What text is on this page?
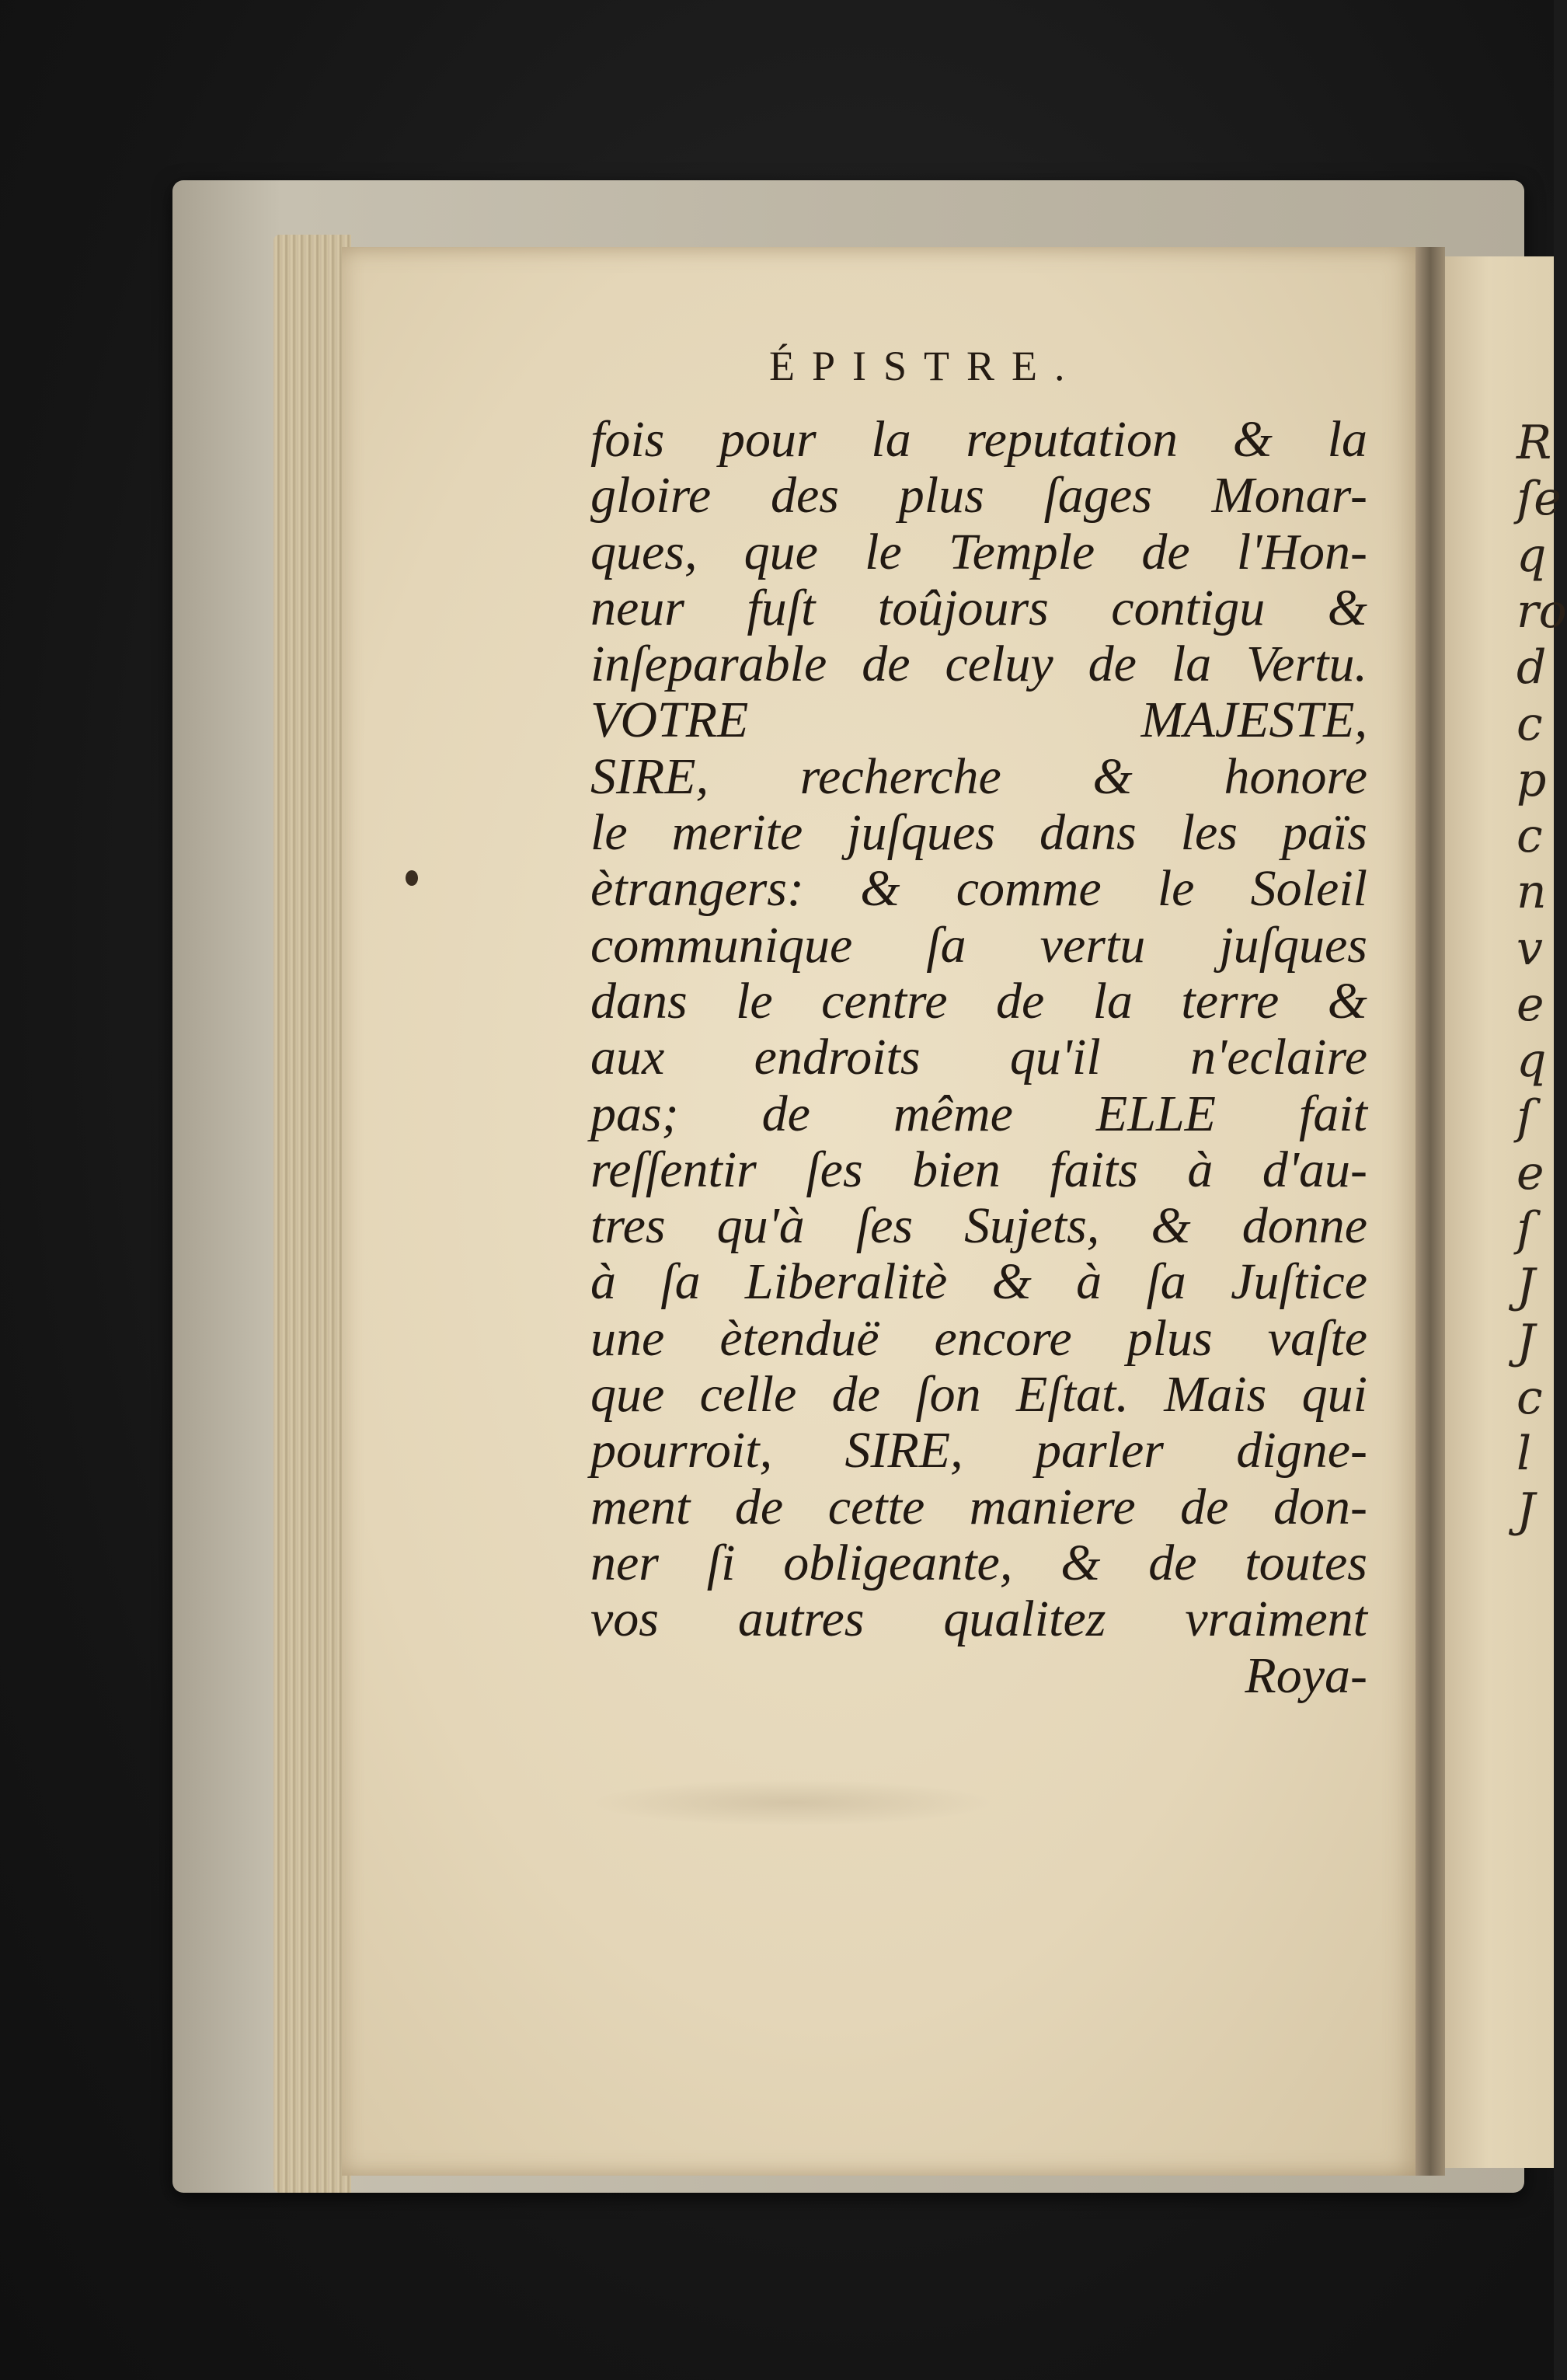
ÉPISTRE.
fois pour la reputation & la
gloire des plus ſages Monar-
ques, que le Temple de l'Hon-
neur fuſt toûjours contigu &
inſeparable de celuy de la Vertu.
VOTRE MAJESTE,
SIRE, recherche & honore
le merite juſques dans les païs
ètrangers: & comme le Soleil
communique ſa vertu juſques
dans le centre de la terre &
aux endroits qu'il n'eclaire
pas; de même ELLE fait
reſſentir ſes bien faits à d'au-
tres qu'à ſes Sujets, & donne
à ſa Liberalitè & à ſa Juſtice
une ètenduë encore plus vaſte
que celle de ſon Eſtat. Mais qui
pourroit, SIRE, parler digne-
ment de cette maniere de don-
ner ſi obligeante, & de toutes
vos autres qualitez vraiment
Roya-
R
ſe
q
ro
d
c
p
c
n
v
e
q
ſ
e
ſ
J
J
c
l
J
